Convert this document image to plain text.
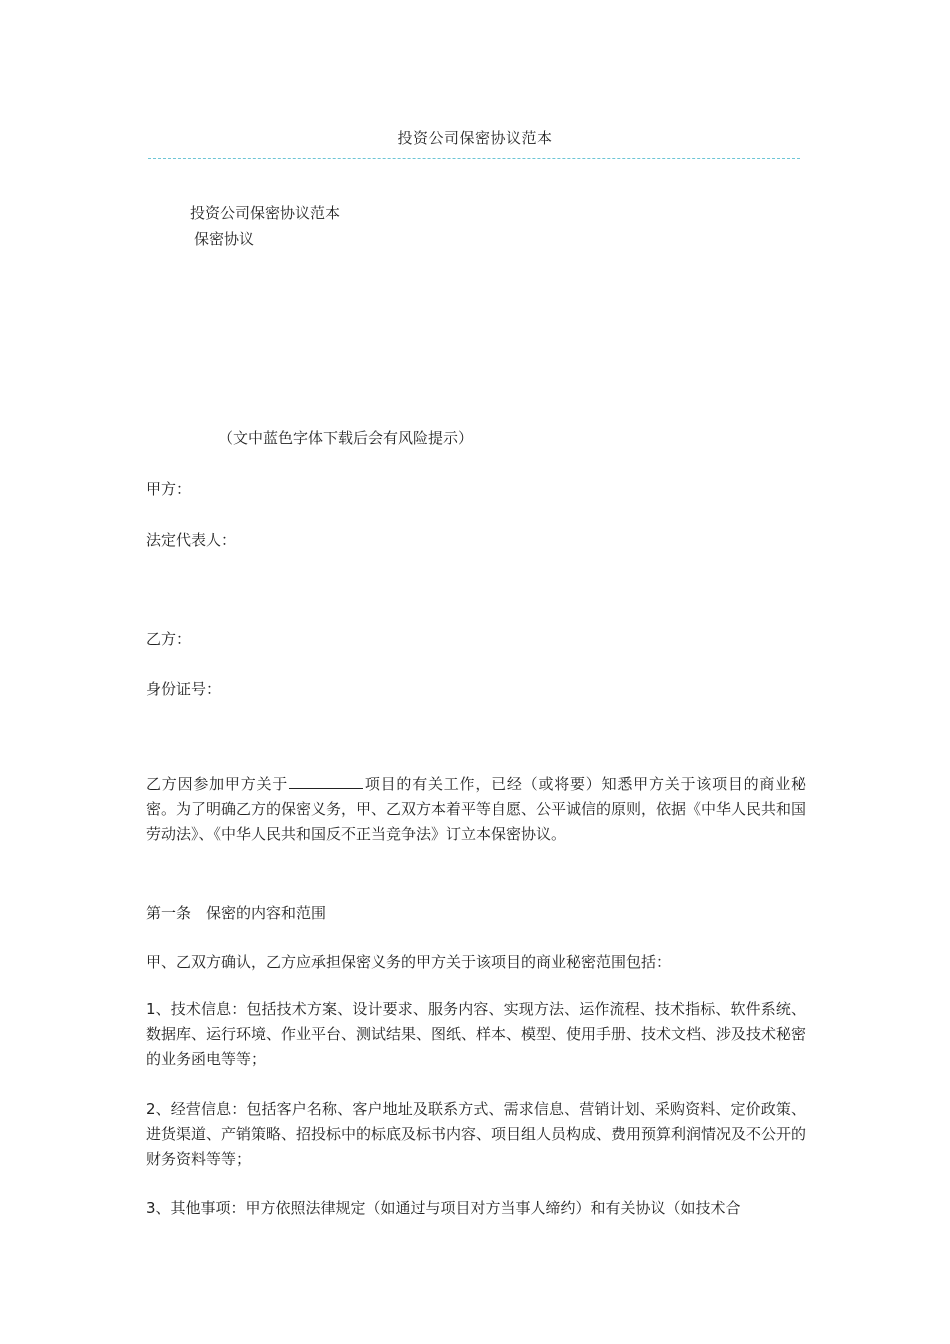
投资公司保密协议范本
投资公司保密协议范本
保密协议
（文中蓝色字体下载后会有风险提示）
甲方：
法定代表人：
乙方：
身份证号：
乙方因参加甲方关于	项目的有关工作，已经（或将要）知悉甲方关于该项目的商业秘密。为了明确乙方的保密义务，甲、乙双方本着平等自愿、公平诚信的原则，依据《中华人民共和国劳动法》、《中华人民共和国反不正当竞争法》订立本保密协议。
第一条　保密的内容和范围
甲、乙双方确认，乙方应承担保密义务的甲方关于该项目的商业秘密范围包括：
1、技术信息：包括技术方案、设计要求、服务内容、实现方法、运作流程、技术指标、软件系统、数据库、运行环境、作业平台、测试结果、图纸、样本、模型、使用手册、技术文档、涉及技术秘密的业务函电等等；
2、经营信息：包括客户名称、客户地址及联系方式、需求信息、营销计划、采购资料、定价政策、进货渠道、产销策略、招投标中的标底及标书内容、项目组人员构成、费用预算利润情况及不公开的财务资料等等；
3、其他事项：甲方依照法律规定（如通过与项目对方当事人缔约）和有关协议（如技术合
